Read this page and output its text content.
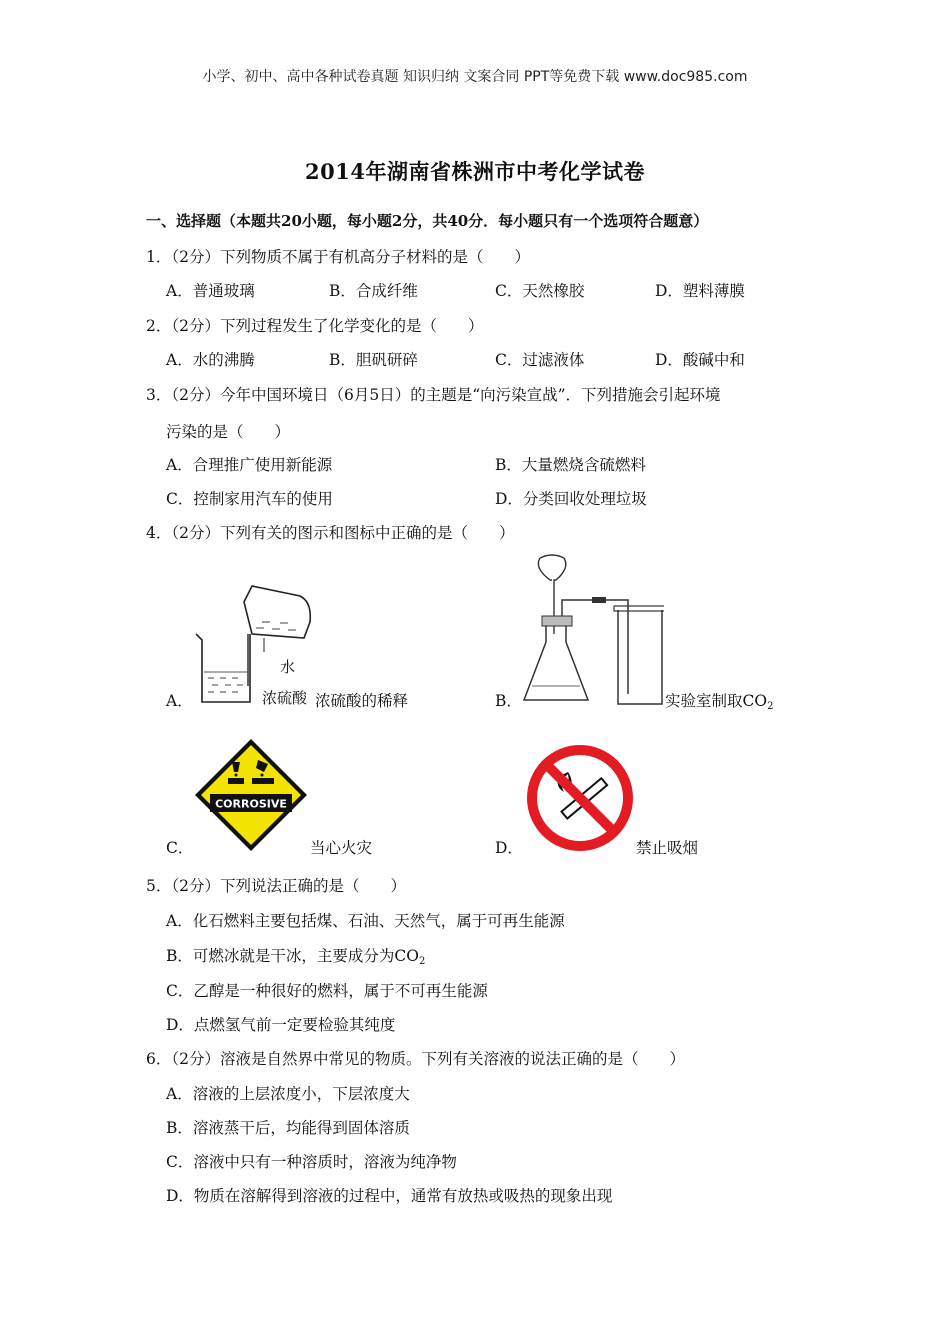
小学、初中、高中各种试卷真题 知识归纳 文案合同 PPT等免费下载 www.doc985.com
2014年湖南省株洲市中考化学试卷
一、选择题（本题共20小题，每小题2分，共40分．每小题只有一个选项符合题意）
1．（2分）下列物质不属于有机高分子材料的是（　　）
A．普通玻璃	B．合成纤维	C．天然橡胶	D．塑料薄膜
2．（2分）下列过程发生了化学变化的是（　　）
A．水的沸腾	B．胆矾研碎	C．过滤液体	D．酸碱中和
3．（2分）今年中国环境日（6月5日）的主题是“向污染宣战”．下列措施会引起环境
污染的是（　　）
A．合理推广使用新能源	B．大量燃烧含硫燃料
C．控制家用汽车的使用	D．分类回收处理垃圾
4．（2分）下列有关的图示和图标中正确的是（　　）
A．
水
浓硫酸 浓硫酸的稀释	B．	实验室制取$CO_2$
C．
CORROSIVE
当心火灾	D．	禁止吸烟
5．（2分）下列说法正确的是（　　）
A．化石燃料主要包括煤、石油、天然气，属于可再生能源
B．可燃冰就是干冰，主要成分为$CO_2$
C．乙醇是一种很好的燃料，属于不可再生能源
D．点燃氢气前一定要检验其纯度
6．（2分）溶液是自然界中常见的物质。下列有关溶液的说法正确的是（　　）
A．溶液的上层浓度小，下层浓度大
B．溶液蒸干后，均能得到固体溶质
C．溶液中只有一种溶质时，溶液为纯净物
D．物质在溶解得到溶液的过程中，通常有放热或吸热的现象出现
